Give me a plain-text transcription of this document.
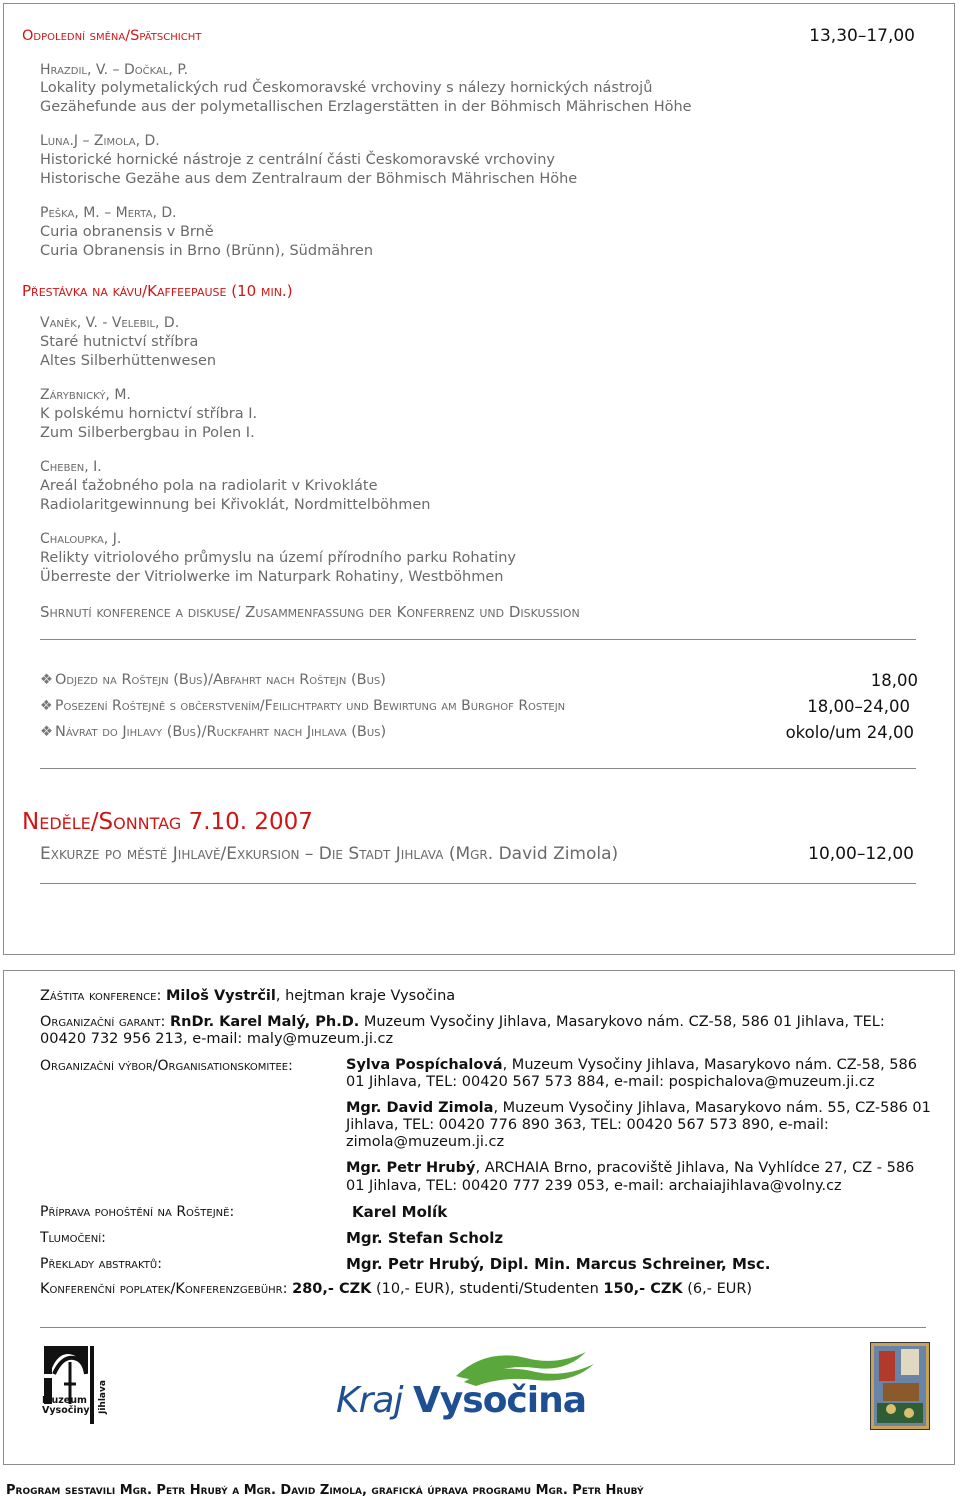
Odpolední směna/Spätschicht	13,30–17,00
Hrazdil, V. – Dočkal, P.
Lokality polymetalických rud Českomoravské vrchoviny s nálezy hornických nástrojů
Gezähefunde aus der polymetallischen Erzlagerstätten in der Böhmisch Mährischen Höhe
Luna.J – Zimola, D.
Historické hornické nástroje z centrální části Českomoravské vrchoviny
Historische Gezähe aus dem Zentralraum der Böhmisch Mährischen Höhe
Peška, M. – Merta, D.
Curia obranensis v Brně
Curia Obranensis in Brno (Brünn), Südmähren
Přestávka na kávu/Kaffeepause (10 min.)
Vaněk, V. - Velebil, D.
Staré hutnictví stříbra
Altes Silberhüttenwesen
Zárybnický, M.
K polskému hornictví stříbra I.
Zum Silberbergbau in Polen I.
Cheben, I.
Areál ťažobného pola na radiolarit v Krivokláte
Radiolaritgewinnung bei Křivoklát, Nordmittelböhmen
Chaloupka, J.
Relikty vitriolového průmyslu na území přírodního parku Rohatiny
Überreste der Vitriolwerke im Naturpark Rohatiny, Westböhmen
Shrnutí konference a diskuse/ Zusammenfassung der Konferrenz und Diskussion
❖ Odjezd na Roštejn (Bus)/Abfahrt nach Roštejn (Bus)	18,00
❖ Posezení Roštejně s občerstvením/Feilichtparty und Bewirtung am Burghof Rostejn	18,00–24,00
❖ Návrat do Jihlavy (Bus)/Ruckfahrt nach Jihlava (Bus)	okolo/um 24,00
Neděle/Sonntag 7.10. 2007
Exkurze po městě Jihlavě/Exkursion – Die Stadt Jihlava (Mgr. David Zimola)	10,00–12,00
Záštita konference: Miloš Vystrčil, hejtman kraje Vysočina
Organizační garant: RnDr. Karel Malý, Ph.D. Muzeum Vysočiny Jihlava, Masarykovo nám. CZ-58, 586 01 Jihlava, TEL:
00420 732 956 213, e-mail: maly@muzeum.ji.cz
Organizační výbor/Organisationskomitee:	Sylva Pospíchalová, Muzeum Vysočiny Jihlava, Masarykovo nám. CZ-58, 586
01 Jihlava, TEL: 00420 567 573 884, e-mail: pospichalova@muzeum.ji.cz
Mgr. David Zimola, Muzeum Vysočiny Jihlava, Masarykovo nám. 55, CZ-586 01
Jihlava, TEL: 00420 776 890 363, TEL: 00420 567 573 890, e-mail:
zimola@muzeum.ji.cz
Mgr. Petr Hrubý, ARCHAIA Brno, pracoviště Jihlava, Na Vyhlídce 27, CZ - 586
01 Jihlava, TEL: 00420 777 239 053, e-mail: archaiajihlava@volny.cz
Příprava pohoštění na Roštejně:	Karel Molík
Tlumočení:	Mgr. Stefan Scholz
Překlady abstraktů:	Mgr. Petr Hrubý, Dipl. Min. Marcus Schreiner, Msc.
Konferenční poplatek/Konferenzgebühr: 280,- CZK (10,- EUR), studenti/Studenten 150,- CZK (6,- EUR)
Muzeum
Vysočiny Jihlava	Kraj Vysočina
Program sestavili Mgr. Petr Hrubý a Mgr. David Zimola, grafická úprava programu Mgr. Petr Hrubý
